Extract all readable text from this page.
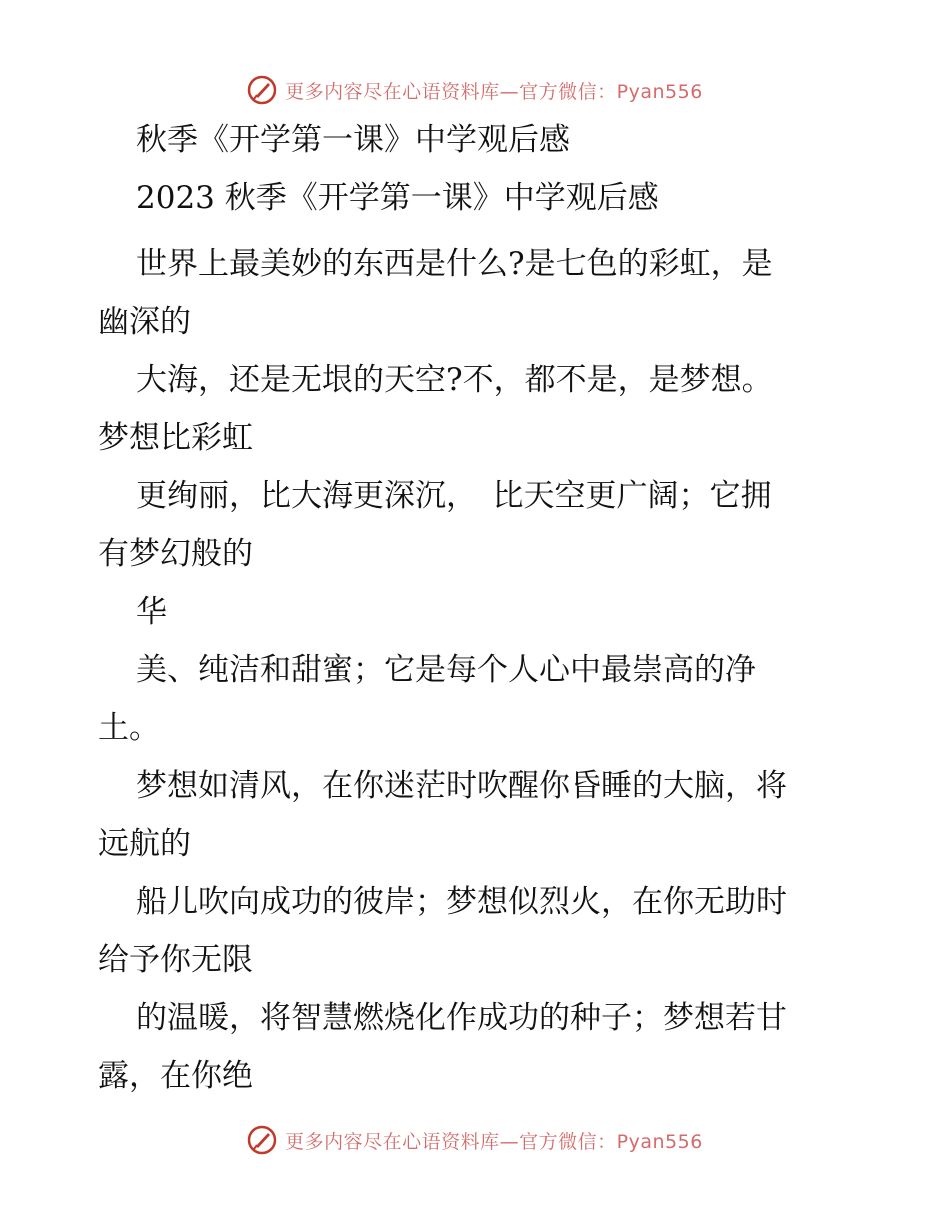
更多内容尽在心语资料库—官方微信：Pyan556
秋季《开学第一课》中学观后感
2023 秋季《开学第一课》中学观后感
世界上最美妙的东西是什么?是七色的彩虹，是
幽深的
大海，还是无垠的天空?不，都不是，是梦想。
梦想比彩虹
更绚丽，比大海更深沉，　比天空更广阔；它拥
有梦幻般的
华
美、纯洁和甜蜜；它是每个人心中最崇高的净
土。
梦想如清风，在你迷茫时吹醒你昏睡的大脑，将
远航的
船儿吹向成功的彼岸；梦想似烈火，在你无助时
给予你无限
的温暖，将智慧燃烧化作成功的种子；梦想若甘
露，在你绝
更多内容尽在心语资料库—官方微信：Pyan556
